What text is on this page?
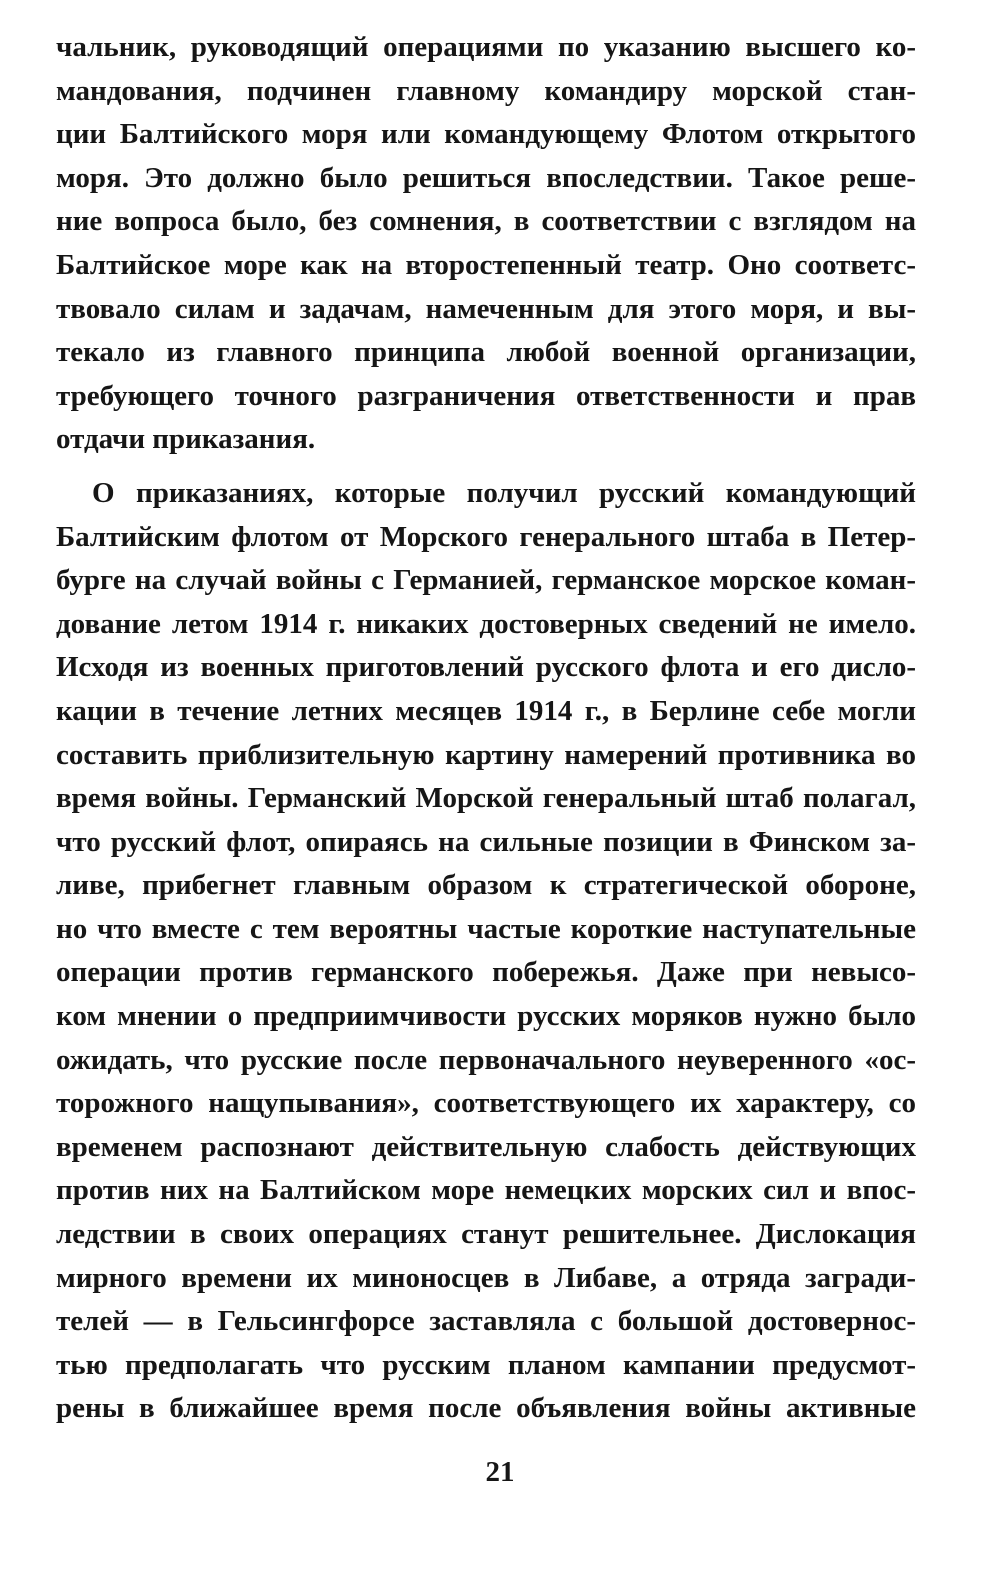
чальник, руководящий операциями по указанию высшего ко-
мандования, подчинен главному командиру морской стан-
ции Балтийского моря или командующему Флотом открытого
моря. Это должно было решиться впоследствии. Такое реше-
ние вопроса было, без сомнения, в соответствии с взглядом на
Балтийское море как на второстепенный театр. Оно соответс-
твовало силам и задачам, намеченным для этого моря, и вы-
текало из главного принципа любой военной организации,
требующего точного разграничения ответственности и прав
отдачи приказания.
О приказаниях, которые получил русский командующий
Балтийским флотом от Морского генерального штаба в Петер-
бурге на случай войны с Германией, германское морское коман-
дование летом 1914 г. никаких достоверных сведений не имело.
Исходя из военных приготовлений русского флота и его дисло-
кации в течение летних месяцев 1914 г., в Берлине себе могли
составить приблизительную картину намерений противника во
время войны. Германский Морской генеральный штаб полагал,
что русский флот, опираясь на сильные позиции в Финском за-
ливе, прибегнет главным образом к стратегической обороне,
но что вместе с тем вероятны частые короткие наступательные
операции против германского побережья. Даже при невысо-
ком мнении о предприимчивости русских моряков нужно было
ожидать, что русские после первоначального неуверенного «ос-
торожного нащупывания», соответствующего их характеру, со
временем распознают действительную слабость действующих
против них на Балтийском море немецких морских сил и впос-
ледствии в своих операциях станут решительнее. Дислокация
мирного времени их миноносцев в Либаве, а отряда загради-
телей — в Гельсингфорсе заставляла с большой достовернос-
тью предполагать что русским планом кампании предусмот-
рены в ближайшее время после объявления войны активные
21
